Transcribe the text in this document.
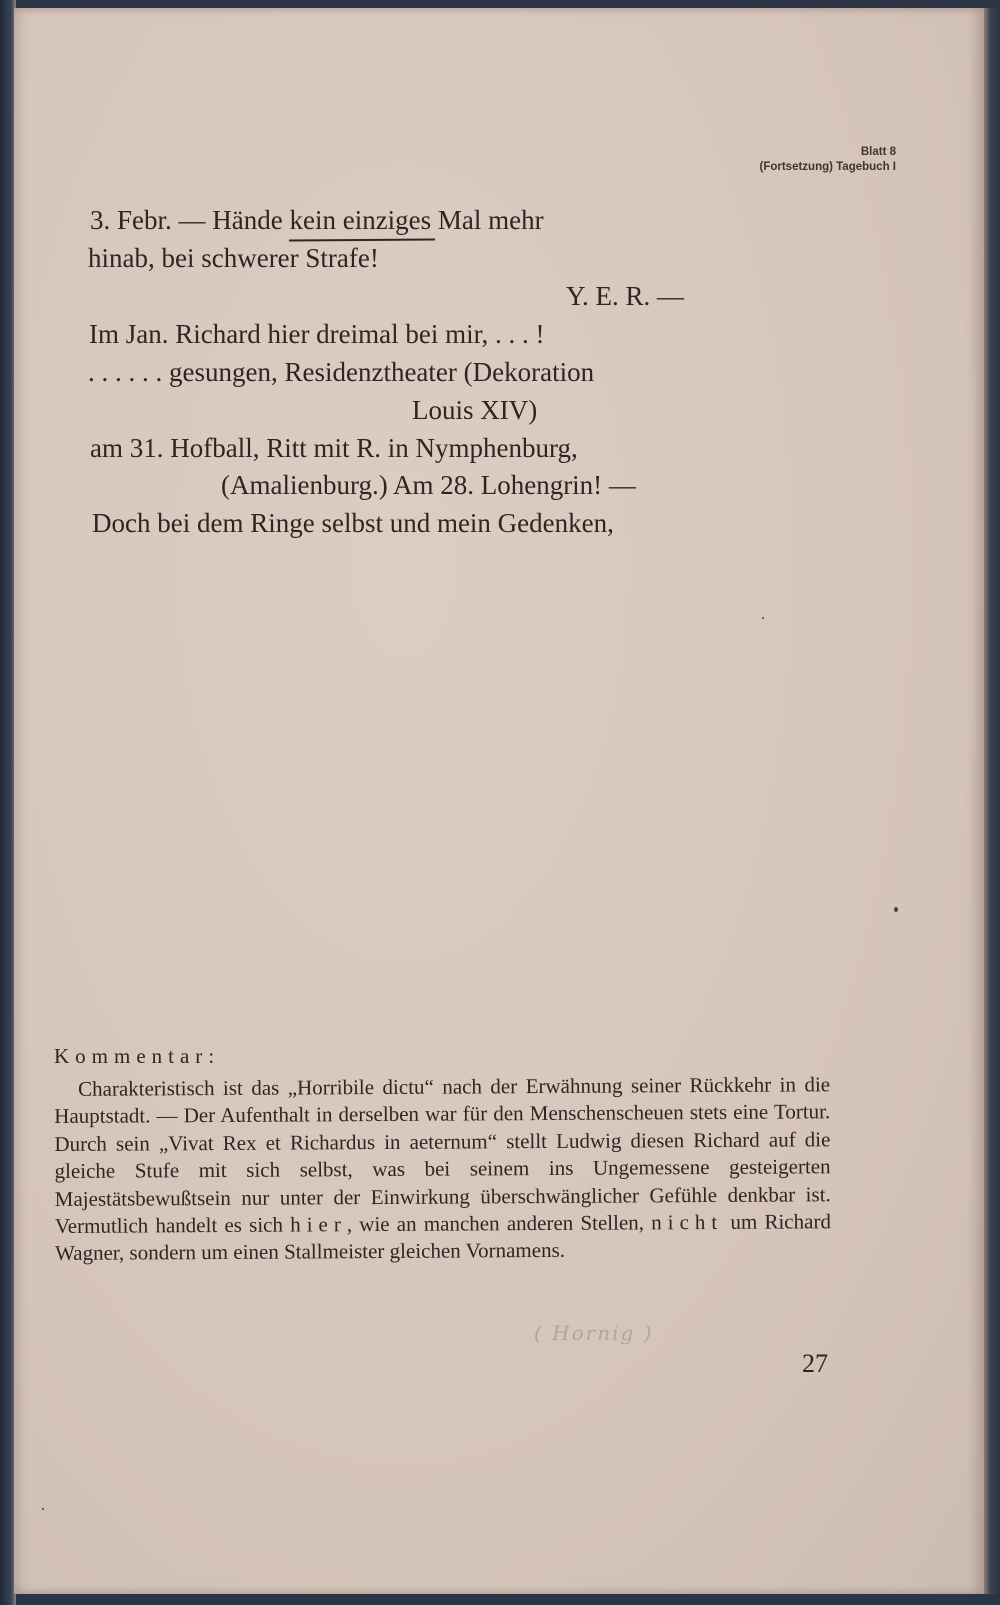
Blatt 8
(Fortsetzung) Tagebuch I
3. Febr. — Hände kein einziges Mal mehr
hinab, bei schwerer Strafe!
Y. E. R. —
Im Jan. Richard hier dreimal bei mir, . . . !
. . . . . . gesungen, Residenztheater (Dekoration
Louis XIV)
am 31. Hofball, Ritt mit R. in Nymphenburg,
(Amalienburg.) Am 28. Lohengrin! —
Doch bei dem Ringe selbst und mein Gedenken,
Kommentar:
Charakteristisch ist das „Horribile dictu“ nach der Erwähnung seiner Rückkehr in die Hauptstadt. — Der Aufenthalt in derselben war für den Menschenscheuen stets eine Tortur. Durch sein „Vivat Rex et Richardus in aeternum“ stellt Ludwig diesen Richard auf die gleiche Stufe mit sich selbst, was bei seinem ins Ungemessene gesteigerten Majestätsbewußtsein nur unter der Einwirkung überschwänglicher Gefühle denkbar ist. Vermutlich handelt es sich hier, wie an manchen anderen Stellen, nicht um Richard Wagner, sondern um einen Stallmeister gleichen Vornamens.
( Hornig )
27
